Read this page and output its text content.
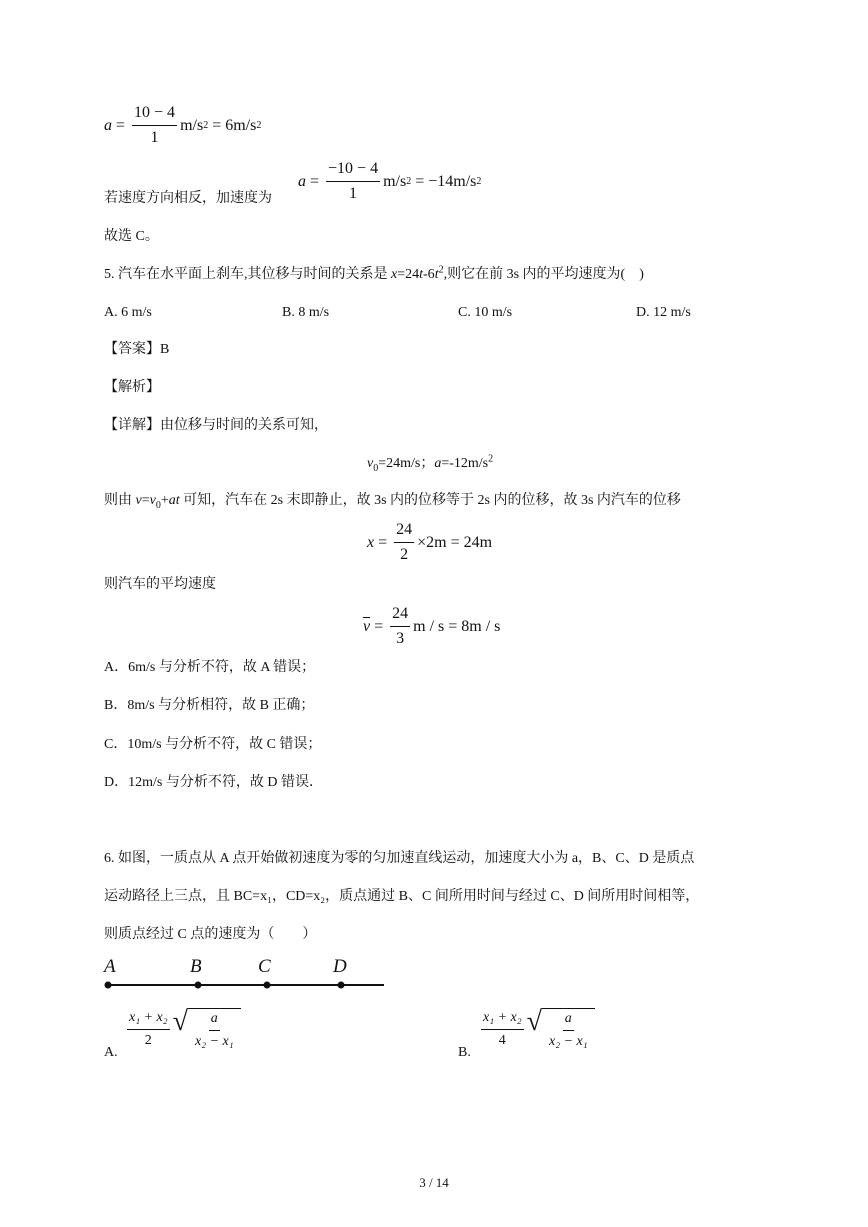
$a = \frac{10 - 4}{1} m/s$ 2 = 6m/s 2
若速度方向相反，加速度为
$a = \frac{-10 - 4}{1} m/s$ 2 = −14m/s 2
故选 C。
5. 汽车在水平面上刹车,其位移与时间的关系是 $x=24t-6t^2$,则它在前 3s 内的平均速度为(　)
A. 6 m/s	B. 8 m/s	C. 10 m/s	D. 12 m/s
【答案】B
【解析】
【详解】由位移与时间的关系可知，
$v_0=24m/s$；$a=-12m/s^2$
则由 $v=v_0+at$ 可知，汽车在 2s 末即静止，故 3s 内的位移等于 2s 内的位移，故 3s 内汽车的位移
$x = \frac{24}{2} \times 2m = 24m$
则汽车的平均速度
$\overline{v} = \frac{24}{3}$ m / s = 8m / s
A．6m/s 与分析不符，故 A 错误；
B．8m/s 与分析相符，故 B 正确；
C．10m/s 与分析不符，故 C 错误；
D．12m/s 与分析不符，故 D 错误．
6. 如图，一质点从 A 点开始做初速度为零的匀加速直线运动，加速度大小为 a，B、C、D 是质点
运动路径上三点，且 BC=x₁，CD=x₂，质点通过 B、C 间所用时间与经过 C、D 间所用时间相等，
则质点经过 C 点的速度为（　　）
A	B	C	D
A.
$\frac{\text{x₁ + x₂}}{2}$ √ $\frac{a}{\text{x₂ − x₁}}$
B.
$\frac{\text{x₁ + x₂}}{4}$ √ $\frac{a}{\text{x₂ − x₁}}$
3 / 14
